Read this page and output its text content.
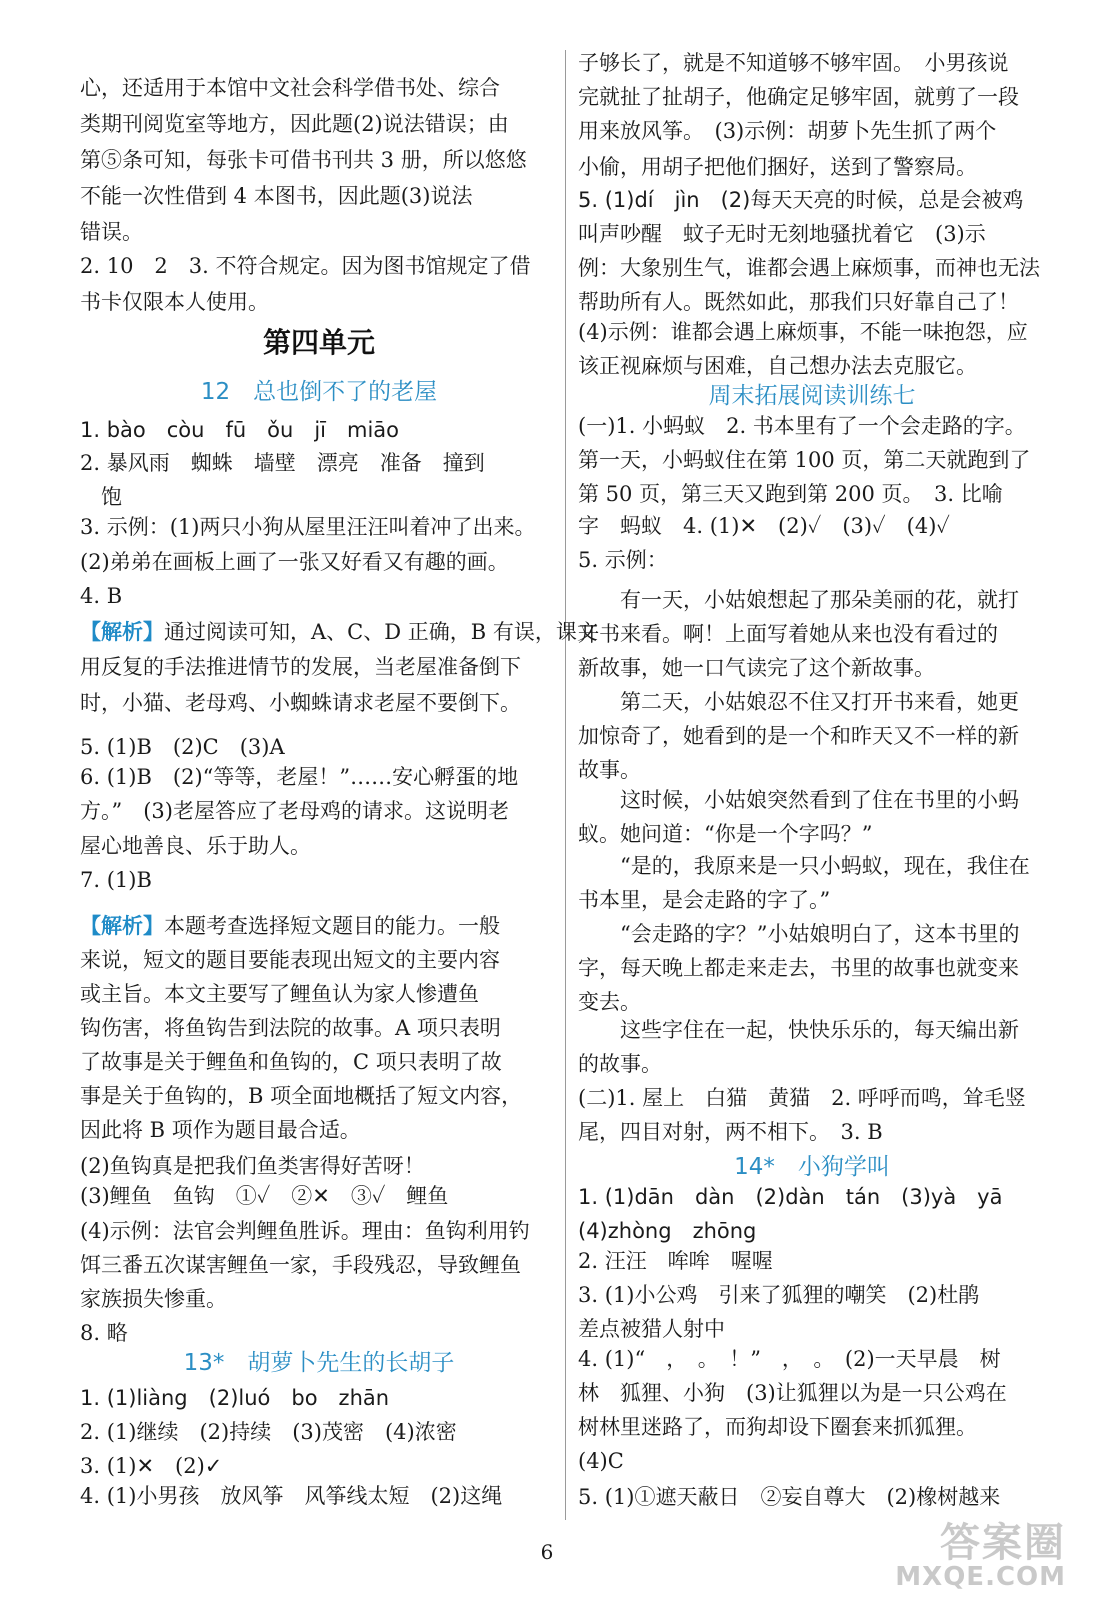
心，还适用于本馆中文社会科学借书处、综合
类期刊阅览室等地方，因此题(2)说法错误；由
第⑤条可知，每张卡可借书刊共 3 册，所以悠悠
不能一次性借到 4 本图书，因此题(3)说法
错误。
2. 10　2　3. 不符合规定。因为图书馆规定了借
书卡仅限本人使用。
第四单元
12　总也倒不了的老屋
1. bào　còu　fū　ǒu　jī　miāo
2. 暴风雨　蜘蛛　墙壁　漂亮　准备　撞到
　饱
3. 示例：(1)两只小狗从屋里汪汪叫着冲了出来。
(2)弟弟在画板上画了一张又好看又有趣的画。
4. B
【解析】通过阅读可知，A、C、D 正确，B 有误，课文
用反复的手法推进情节的发展，当老屋准备倒下
时，小猫、老母鸡、小蜘蛛请求老屋不要倒下。
5. (1)B　(2)C　(3)A
6. (1)B　(2)“等等，老屋！”……安心孵蛋的地
方。”　(3)老屋答应了老母鸡的请求。这说明老
屋心地善良、乐于助人。
7. (1)B
【解析】本题考查选择短文题目的能力。一般
来说，短文的题目要能表现出短文的主要内容
或主旨。本文主要写了鲤鱼认为家人惨遭鱼
钩伤害，将鱼钩告到法院的故事。A 项只表明
了故事是关于鲤鱼和鱼钩的，C 项只表明了故
事是关于鱼钩的，B 项全面地概括了短文内容，
因此将 B 项作为题目最合适。
(2)鱼钩真是把我们鱼类害得好苦呀！
(3)鲤鱼　鱼钩　①✓　②✕　③✓　鲤鱼
(4)示例：法官会判鲤鱼胜诉。理由：鱼钩利用钓
饵三番五次谋害鲤鱼一家，手段残忍，导致鲤鱼
家族损失惨重。
8. 略
13*　胡萝卜先生的长胡子
1. (1)liàng　(2)luó　bo　zhān
2. (1)继续　(2)持续　(3)茂密　(4)浓密
3. (1)✕　(2)✓
4. (1)小男孩　放风筝　风筝线太短　(2)这绳
子够长了，就是不知道够不够牢固。　小男孩说
完就扯了扯胡子，他确定足够牢固，就剪了一段
用来放风筝。　(3)示例：胡萝卜先生抓了两个
小偷，用胡子把他们捆好，送到了警察局。
5. (1)dí　jìn　(2)每天天亮的时候，总是会被鸡
叫声吵醒　蚊子无时无刻地骚扰着它　(3)示
例：大象别生气，谁都会遇上麻烦事，而神也无法
帮助所有人。既然如此，那我们只好靠自己了！
(4)示例：谁都会遇上麻烦事，不能一味抱怨，应
该正视麻烦与困难，自己想办法去克服它。
周末拓展阅读训练七
(一)1. 小蚂蚁　2. 书本里有了一个会走路的字。
第一天，小蚂蚁住在第 100 页，第二天就跑到了
第 50 页，第三天又跑到第 200 页。　3. 比喻
字　蚂蚁　4. (1)✕　(2)✓　(3)✓　(4)✓
5. 示例：
有一天，小姑娘想起了那朵美丽的花，就打
开书来看。啊！上面写着她从来也没有看过的
新故事，她一口气读完了这个新故事。
第二天，小姑娘忍不住又打开书来看，她更
加惊奇了，她看到的是一个和昨天又不一样的新
故事。
这时候，小姑娘突然看到了住在书里的小蚂
蚁。她问道：“你是一个字吗？”
“是的，我原来是一只小蚂蚁，现在，我住在
书本里，是会走路的字了。”
“会走路的字？”小姑娘明白了，这本书里的
字，每天晚上都走来走去，书里的故事也就变来
变去。
这些字住在一起，快快乐乐的，每天编出新
的故事。
(二)1. 屋上　白猫　黄猫　2. 呼呼而鸣，耸毛竖
尾，四目对射，两不相下。　3. B
14*　小狗学叫
1. (1)dān　dàn　(2)dàn　tán　(3)yà　yā
(4)zhòng　zhōng
2. 汪汪　哞哞　喔喔
3. (1)小公鸡　引来了狐狸的嘲笑　(2)杜鹃
差点被猎人射中
4. (1)“　，　。　！”　，　。　(2)一天早晨　树
林　狐狸、小狗　(3)让狐狸以为是一只公鸡在
树林里迷路了，而狗却设下圈套来抓狐狸。
(4)C
5. (1)①遮天蔽日　②妄自尊大　(2)橡树越来
6	答案圈
MXQE.COM
